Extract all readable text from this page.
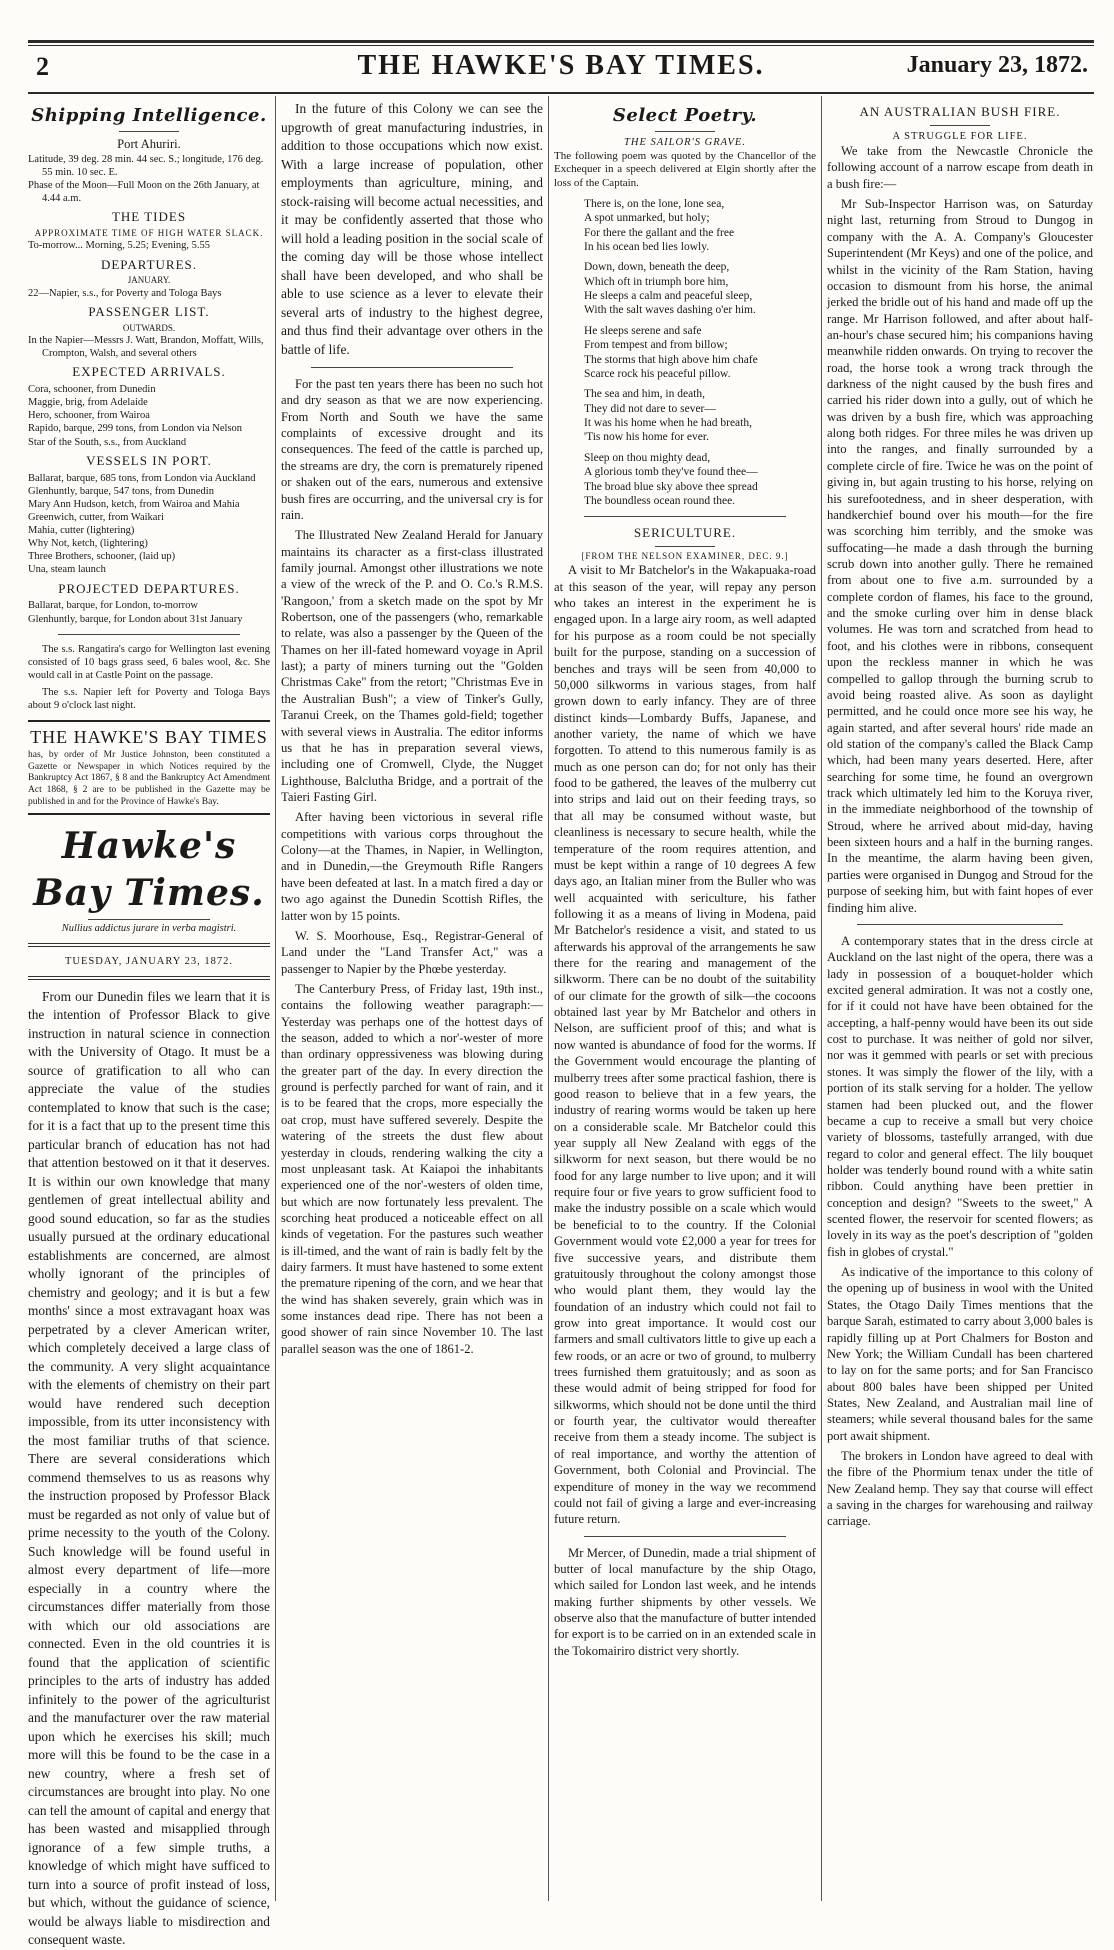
2	THE HAWKE'S BAY TIMES.	January 23, 1872.
Shipping Intelligence.
Port Ahuriri.
Latitude, 39 deg. 28 min. 44 sec. S.; longitude, 176 deg. 55 min. 10 sec. E.
Phase of the Moon—Full Moon on the 26th January, at 4.44 a.m.
THE TIDES
APPROXIMATE TIME OF HIGH WATER SLACK.
To-morrow... Morning, 5.25; Evening, 5.55
DEPARTURES.
JANUARY.
22—Napier, s.s., for Poverty and Tologa Bays
PASSENGER LIST.
OUTWARDS.
In the Napier—Messrs J. Watt, Brandon, Moffatt, Wills, Crompton, Walsh, and several others
EXPECTED ARRIVALS.
Cora, schooner, from Dunedin
Maggie, brig, from Adelaide
Hero, schooner, from Wairoa
Rapido, barque, 299 tons, from London via Nelson
Star of the South, s.s., from Auckland
VESSELS IN PORT.
Ballarat, barque, 685 tons, from London via Auckland
Glenhuntly, barque, 547 tons, from Dunedin
Mary Ann Hudson, ketch, from Wairoa and Mahia
Greenwich, cutter, from Waikari
Mahia, cutter (lightering)
Why Not, ketch, (lightering)
Three Brothers, schooner, (laid up)
Una, steam launch
PROJECTED DEPARTURES.
Ballarat, barque, for London, to-morrow
Glenhuntly, barque, for London about 31st January

The s.s. Rangatira's cargo for Wellington last evening consisted of 10 bags grass seed, 6 bales wool, &c. She would call in at Castle Point on the passage.

The s.s. Napier left for Poverty and Tologa Bays about 9 o'clock last night.

THE HAWKE'S BAY TIMES

has, by order of Mr Justice Johnston, been constituted a Gazette or Newspaper in which Notices required by the Bankruptcy Act 1867, § 8 and the Bankruptcy Act Amendment Act 1868, § 2 are to be published in the Gazette may be published in and for the Province of Hawke's Bay.

Hawke's Bay Times.
Nullius addictus jurare in verba magistri.
TUESDAY, JANUARY 23, 1872.

From our Dunedin files we learn that it is the intention of Professor Black to give instruction in natural science in connection with the University of Otago. It must be a source of gratification to all who can appreciate the value of the studies contemplated to know that such is the case; for it is a fact that up to the present time this particular branch of education has not had that attention bestowed on it that it deserves. It is within our own knowledge that many gentlemen of great intellectual ability and good sound education, so far as the studies usually pursued at the ordinary educational establishments are concerned, are almost wholly ignorant of the principles of chemistry and geology; and it is but a few months' since a most extravagant hoax was perpetrated by a clever American writer, which completely deceived a large class of the community. A very slight acquaintance with the elements of chemistry on their part would have rendered such deception impossible, from its utter inconsistency with the most familiar truths of that science. There are several considerations which commend themselves to us as reasons why the instruction proposed by Professor Black must be regarded as not only of value but of prime necessity to the youth of the Colony. Such knowledge will be found useful in almost every department of life—more especially in a country where the circumstances differ materially from those with which our old associations are connected. Even in the old countries it is found that the application of scientific principles to the arts of industry has added infinitely to the power of the agriculturist and the manufacturer over the raw material upon which he exercises his skill; much more will this be found to be the case in a new country, where a fresh set of circumstances are brought into play. No one can tell the amount of capital and energy that has been wasted and misapplied through ignorance of a few simple truths, a knowledge of which might have sufficed to turn into a source of profit instead of loss, but which, without the guidance of science, would be always liable to misdirection and consequent waste.

In the future of this Colony we can see the upgrowth of great manufacturing industries, in addition to those occupations which now exist. With a large increase of population, other employments than agriculture, mining, and stock-raising will become actual necessities, and it may be confidently asserted that those who will hold a leading position in the social scale of the coming day will be those whose intellect shall have been developed, and who shall be able to use science as a lever to elevate their several arts of industry to the highest degree, and thus find their advantage over others in the battle of life.

For the past ten years there has been no such hot and dry season as that we are now experiencing. From North and South we have the same complaints of excessive drought and its consequences. The feed of the cattle is parched up, the streams are dry, the corn is prematurely ripened or shaken out of the ears, numerous and extensive bush fires are occurring, and the universal cry is for rain.

The Illustrated New Zealand Herald for January maintains its character as a first-class illustrated family journal. Amongst other illustrations we note a view of the wreck of the P. and O. Co.'s R.M.S. 'Rangoon,' from a sketch made on the spot by Mr Robertson, one of the passengers (who, remarkable to relate, was also a passenger by the Queen of the Thames on her ill-fated homeward voyage in April last); a party of miners turning out the "Golden Christmas Cake" from the retort; "Christmas Eve in the Australian Bush"; a view of Tinker's Gully, Taranui Creek, on the Thames gold-field; together with several views in Australia. The editor informs us that he has in preparation several views, including one of Cromwell, Clyde, the Nugget Lighthouse, Balclutha Bridge, and a portrait of the Taieri Fasting Girl.

After having been victorious in several rifle competitions with various corps throughout the Colony—at the Thames, in Napier, in Wellington, and in Dunedin,—the Greymouth Rifle Rangers have been defeated at last. In a match fired a day or two ago against the Dunedin Scottish Rifles, the latter won by 15 points.

W. S. Moorhouse, Esq., Registrar-General of Land under the "Land Transfer Act," was a passenger to Napier by the Phœbe yesterday.

The Canterbury Press, of Friday last, 19th inst., contains the following weather paragraph:—Yesterday was perhaps one of the hottest days of the season, added to which a nor'-wester of more than ordinary oppressiveness was blowing during the greater part of the day. In every direction the ground is perfectly parched for want of rain, and it is to be feared that the crops, more especially the oat crop, must have suffered severely. Despite the watering of the streets the dust flew about yesterday in clouds, rendering walking the city a most unpleasant task. At Kaiapoi the inhabitants experienced one of the nor'-westers of olden time, but which are now fortunately less prevalent. The scorching heat produced a noticeable effect on all kinds of vegetation. For the pastures such weather is ill-timed, and the want of rain is badly felt by the dairy farmers. It must have hastened to some extent the premature ripening of the corn, and we hear that the wind has shaken severely, grain which was in some instances dead ripe. There has not been a good shower of rain since November 10. The last parallel season was the one of 1861-2.

Select Poetry.
THE SAILOR'S GRAVE.

The following poem was quoted by the Chancellor of the Exchequer in a speech delivered at Elgin shortly after the loss of the Captain.

There is, on the lone, lone sea,
A spot unmarked, but holy;
For there the gallant and the free
In his ocean bed lies lowly.
Down, down, beneath the deep,
Which oft in triumph bore him,
He sleeps a calm and peaceful sleep,
With the salt waves dashing o'er him.
He sleeps serene and safe
From tempest and from billow;
The storms that high above him chafe
Scarce rock his peaceful pillow.
The sea and him, in death,
They did not dare to sever—
It was his home when he had breath,
'Tis now his home for ever.
Sleep on thou mighty dead,
A glorious tomb they've found thee—
The broad blue sky above thee spread
The boundless ocean round thee.
SERICULTURE.
[FROM THE NELSON EXAMINER, DEC. 9.]

A visit to Mr Batchelor's in the Wakapuaka-road at this season of the year, will repay any person who takes an interest in the experiment he is engaged upon. In a large airy room, as well adapted for his purpose as a room could be not specially built for the purpose, standing on a succession of benches and trays will be seen from 40,000 to 50,000 silkworms in various stages, from half grown down to early infancy. They are of three distinct kinds—Lombardy Buffs, Japanese, and another variety, the name of which we have forgotten. To attend to this numerous family is as much as one person can do; for not only has their food to be gathered, the leaves of the mulberry cut into strips and laid out on their feeding trays, so that all may be consumed without waste, but cleanliness is necessary to secure health, while the temperature of the room requires attention, and must be kept within a range of 10 degrees A few days ago, an Italian miner from the Buller who was well acquainted with sericulture, his father following it as a means of living in Modena, paid Mr Batchelor's residence a visit, and stated to us afterwards his approval of the arrangements he saw there for the rearing and management of the silkworm. There can be no doubt of the suitability of our climate for the growth of silk—the cocoons obtained last year by Mr Batchelor and others in Nelson, are sufficient proof of this; and what is now wanted is abundance of food for the worms. If the Government would encourage the planting of mulberry trees after some practical fashion, there is good reason to believe that in a few years, the industry of rearing worms would be taken up here on a considerable scale. Mr Batchelor could this year supply all New Zealand with eggs of the silkworm for next season, but there would be no food for any large number to live upon; and it will require four or five years to grow sufficient food to make the industry possible on a scale which would be beneficial to to the country. If the Colonial Government would vote £2,000 a year for trees for five successive years, and distribute them gratuitously throughout the colony amongst those who would plant them, they would lay the foundation of an industry which could not fail to grow into great importance. It would cost our farmers and small cultivators little to give up each a few roods, or an acre or two of ground, to mulberry trees furnished them gratuitously; and as soon as these would admit of being stripped for food for silkworms, which should not be done until the third or fourth year, the cultivator would thereafter receive from them a steady income. The subject is of real importance, and worthy the attention of Government, both Colonial and Provincial. The expenditure of money in the way we recommend could not fail of giving a large and ever-increasing future return.

Mr Mercer, of Dunedin, made a trial shipment of butter of local manufacture by the ship Otago, which sailed for London last week, and he intends making further shipments by other vessels. We observe also that the manufacture of butter intended for export is to be carried on in an extended scale in the Tokomairiro district very shortly.

AN AUSTRALIAN BUSH FIRE.
A STRUGGLE FOR LIFE.

We take from the Newcastle Chronicle the following account of a narrow escape from death in a bush fire:—

Mr Sub-Inspector Harrison was, on Saturday night last, returning from Stroud to Dungog in company with the A. A. Company's Gloucester Superintendent (Mr Keys) and one of the police, and whilst in the vicinity of the Ram Station, having occasion to dismount from his horse, the animal jerked the bridle out of his hand and made off up the range. Mr Harrison followed, and after about half-an-hour's chase secured him; his companions having meanwhile ridden onwards. On trying to recover the road, the horse took a wrong track through the darkness of the night caused by the bush fires and carried his rider down into a gully, out of which he was driven by a bush fire, which was approaching along both ridges. For three miles he was driven up into the ranges, and finally surrounded by a complete circle of fire. Twice he was on the point of giving in, but again trusting to his horse, relying on his surefootedness, and in sheer desperation, with handkerchief bound over his mouth—for the fire was scorching him terribly, and the smoke was suffocating—he made a dash through the burning scrub down into another gully. There he remained from about one to five a.m. surrounded by a complete cordon of flames, his face to the ground, and the smoke curling over him in dense black volumes. He was torn and scratched from head to foot, and his clothes were in ribbons, consequent upon the reckless manner in which he was compelled to gallop through the burning scrub to avoid being roasted alive. As soon as daylight permitted, and he could once more see his way, he again started, and after several hours' ride made an old station of the company's called the Black Camp which, had been many years deserted. Here, after searching for some time, he found an overgrown track which ultimately led him to the Koruya river, in the immediate neighborhood of the township of Stroud, where he arrived about mid-day, having been sixteen hours and a half in the burning ranges. In the meantime, the alarm having been given, parties were organised in Dungog and Stroud for the purpose of seeking him, but with faint hopes of ever finding him alive.

A contemporary states that in the dress circle at Auckland on the last night of the opera, there was a lady in possession of a bouquet-holder which excited general admiration. It was not a costly one, for if it could not have have been obtained for the accepting, a half-penny would have been its out side cost to purchase. It was neither of gold nor silver, nor was it gemmed with pearls or set with precious stones. It was simply the flower of the lily, with a portion of its stalk serving for a holder. The yellow stamen had been plucked out, and the flower became a cup to receive a small but very choice variety of blossoms, tastefully arranged, with due regard to color and general effect. The lily bouquet holder was tenderly bound round with a white satin ribbon. Could anything have been prettier in conception and design? "Sweets to the sweet," A scented flower, the reservoir for scented flowers; as lovely in its way as the poet's description of "golden fish in globes of crystal."

As indicative of the importance to this colony of the opening up of business in wool with the United States, the Otago Daily Times mentions that the barque Sarah, estimated to carry about 3,000 bales is rapidly filling up at Port Chalmers for Boston and New York; the William Cundall has been chartered to lay on for the same ports; and for San Francisco about 800 bales have been shipped per United States, New Zealand, and Australian mail line of steamers; while several thousand bales for the same port await shipment.

The brokers in London have agreed to deal with the fibre of the Phormium tenax under the title of New Zealand hemp. They say that course will effect a saving in the charges for warehousing and railway carriage.
